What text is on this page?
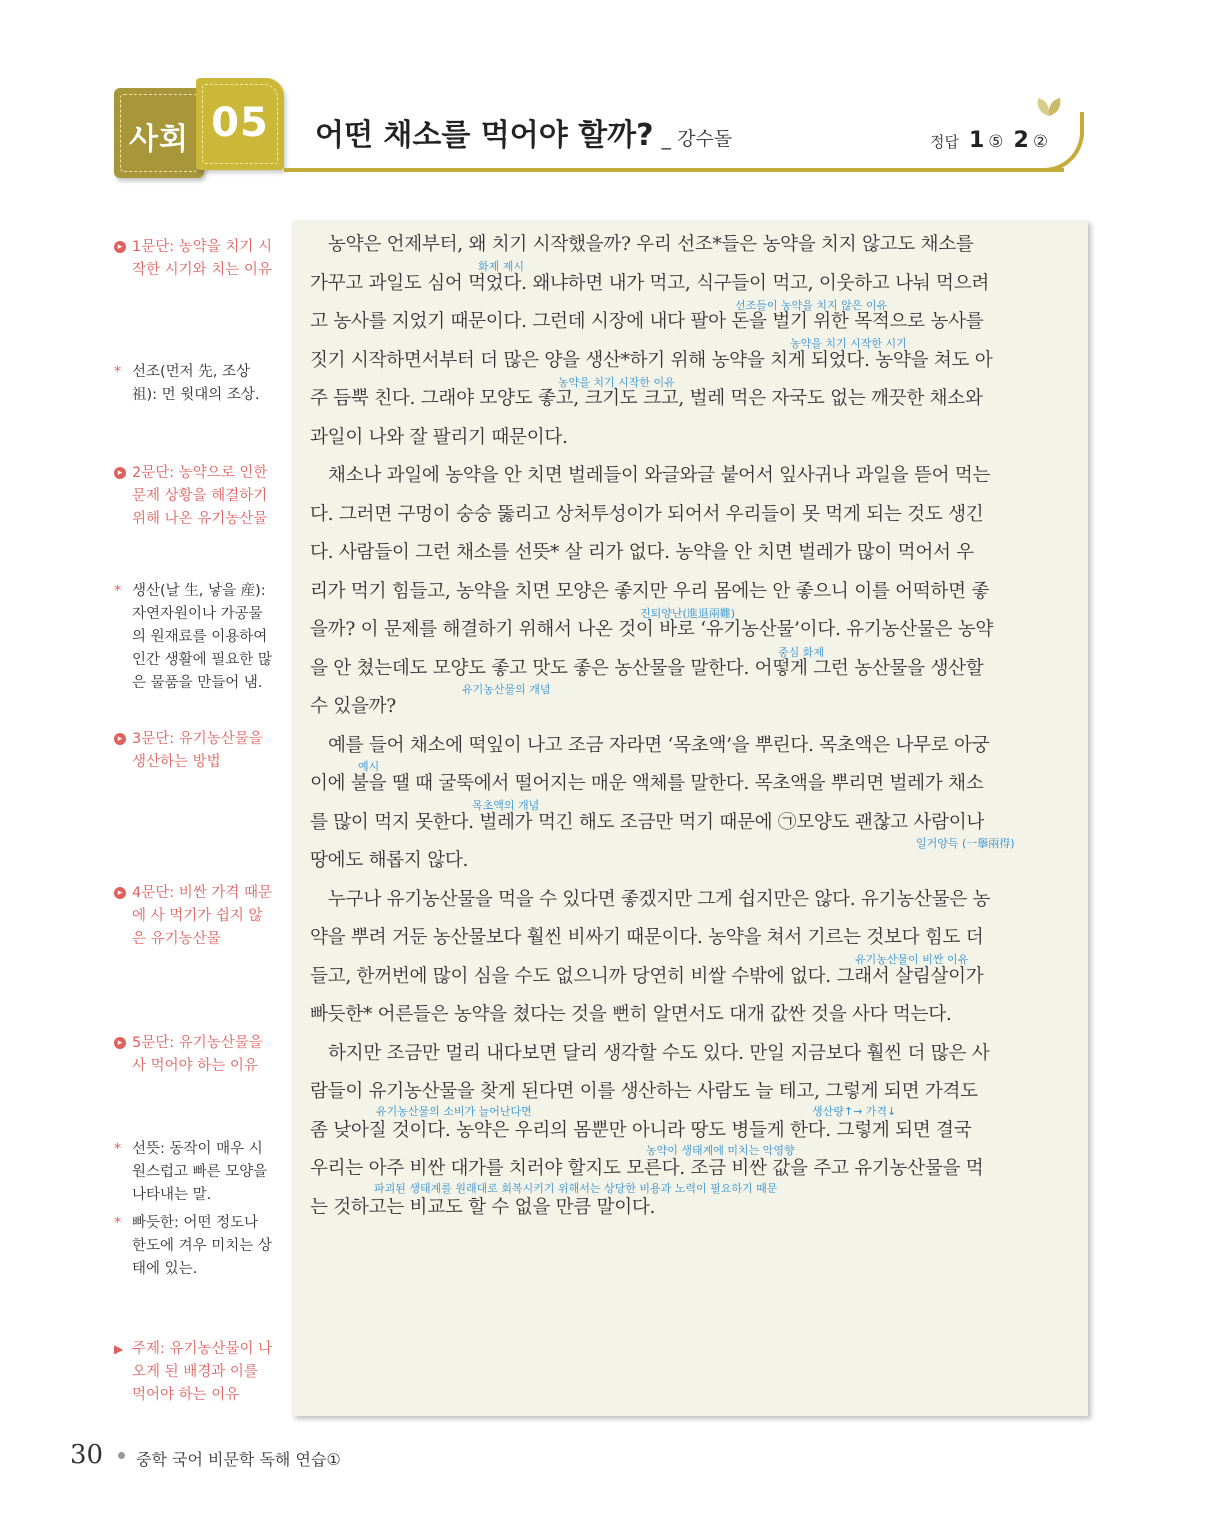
사회 05	어떤 채소를 먹어야 할까? _ 강수돌	정답 1 ⑤ 2 ②
▸ 1문단: 농약을 치기 시작한 시기와 치는 이유
* 선조(먼저 先, 조상 祖): 먼 윗대의 조상.
▸ 2문단: 농약으로 인한 문제 상황을 해결하기 위해 나온 유기농산물
* 생산(날 生, 낳을 産): 자연자원이나 가공물의 원재료를 이용하여 인간 생활에 필요한 많은 물품을 만들어 냄.
▸ 3문단: 유기농산물을 생산하는 방법
▸ 4문단: 비싼 가격 때문에 사 먹기가 쉽지 않은 유기농산물
▸ 5문단: 유기농산물을 사 먹어야 하는 이유
* 선뜻: 동작이 매우 시원스럽고 빠른 모양을 나타내는 말.
* 빠듯한: 어떤 정도나 한도에 겨우 미치는 상태에 있는.
▶ 주제: 유기농산물이 나오게 된 배경과 이를 먹어야 하는 이유
농약은 언제부터, 왜 치기 시작했을까? 우리 선조*들은 농약을 치지 않고도 채소를
가꾸고 과일도 심어 먹었다. 왜냐하면 내가 먹고, 식구들이 먹고, 이웃하고 나눠 먹으려
고 농사를 지었기 때문이다. 그런데 시장에 내다 팔아 돈을 벌기 위한 목적으로 농사를
짓기 시작하면서부터 더 많은 양을 생산*하기 위해 농약을 치게 되었다. 농약을 쳐도 아
주 듬뿍 친다. 그래야 모양도 좋고, 크기도 크고, 벌레 먹은 자국도 없는 깨끗한 채소와
과일이 나와 잘 팔리기 때문이다.
채소나 과일에 농약을 안 치면 벌레들이 와글와글 붙어서 잎사귀나 과일을 뜯어 먹는
다. 그러면 구멍이 숭숭 뚫리고 상처투성이가 되어서 우리들이 못 먹게 되는 것도 생긴
다. 사람들이 그런 채소를 선뜻* 살 리가 없다. 농약을 안 치면 벌레가 많이 먹어서 우
리가 먹기 힘들고, 농약을 치면 모양은 좋지만 우리 몸에는 안 좋으니 이를 어떡하면 좋
을까? 이 문제를 해결하기 위해서 나온 것이 바로 ‘유기농산물’이다. 유기농산물은 농약
을 안 쳤는데도 모양도 좋고 맛도 좋은 농산물을 말한다. 어떻게 그런 농산물을 생산할
수 있을까?
예를 들어 채소에 떡잎이 나고 조금 자라면 ‘목초액’을 뿌린다. 목초액은 나무로 아궁
이에 불을 땔 때 굴뚝에서 떨어지는 매운 액체를 말한다. 목초액을 뿌리면 벌레가 채소
를 많이 먹지 못한다. 벌레가 먹긴 해도 조금만 먹기 때문에 ㉠모양도 괜찮고 사람이나
땅에도 해롭지 않다.
누구나 유기농산물을 먹을 수 있다면 좋겠지만 그게 쉽지만은 않다. 유기농산물은 농
약을 뿌려 거둔 농산물보다 훨씬 비싸기 때문이다. 농약을 쳐서 기르는 것보다 힘도 더
들고, 한꺼번에 많이 심을 수도 없으니까 당연히 비쌀 수밖에 없다. 그래서 살림살이가
빠듯한* 어른들은 농약을 쳤다는 것을 뻔히 알면서도 대개 값싼 것을 사다 먹는다.
하지만 조금만 멀리 내다보면 달리 생각할 수도 있다. 만일 지금보다 훨씬 더 많은 사
람들이 유기농산물을 찾게 된다면 이를 생산하는 사람도 늘 테고, 그렇게 되면 가격도
좀 낮아질 것이다. 농약은 우리의 몸뿐만 아니라 땅도 병들게 한다. 그렇게 되면 결국
우리는 아주 비싼 대가를 치러야 할지도 모른다. 조금 비싼 값을 주고 유기농산물을 먹
는 것하고는 비교도 할 수 없을 만큼 말이다.
화제 제시
선조들이 농약을 치지 않은 이유
농약을 치기 시작한 시기
농약을 치기 시작한 이유
진퇴양난(進退兩難)
중심 화제
유기농산물의 개념
예시
목초액의 개념
일거양득 (一擧兩得)
유기농산물이 비싼 이유
유기농산물의 소비가 늘어난다면	생산량↑→ 가격↓
농약이 생태계에 미치는 악영향
파괴된 생태계를 원래대로 회복시키기 위해서는 상당한 비용과 노력이 필요하기 때문
30 중학 국어 비문학 독해 연습①
